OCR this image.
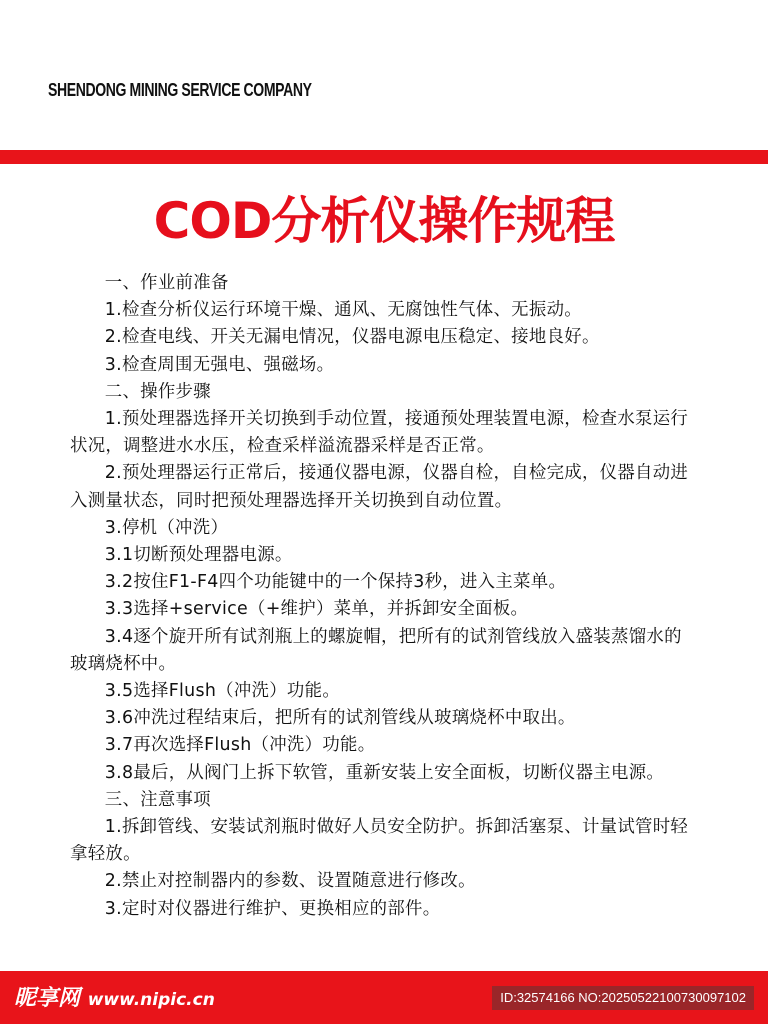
SHENDONG MINING SERVICE COMPANY
COD分析仪操作规程

一、作业前准备

1.检查分析仪运行环境干燥、通风、无腐蚀性气体、无振动。

2.检查电线、开关无漏电情况，仪器电源电压稳定、接地良好。

3.检查周围无强电、强磁场。

二、操作步骤

1.预处理器选择开关切换到手动位置，接通预处理装置电源，检查水泵运行状况，调整进水水压，检查采样溢流器采样是否正常。

2.预处理器运行正常后，接通仪器电源，仪器自检，自检完成，仪器自动进入测量状态，同时把预处理器选择开关切换到自动位置。

3.停机（冲洗）

3.1切断预处理器电源。

3.2按住F1-F4四个功能键中的一个保持3秒，进入主菜单。

3.3选择+service（+维护）菜单，并拆卸安全面板。

3.4逐个旋开所有试剂瓶上的螺旋帽，把所有的试剂管线放入盛装蒸馏水的玻璃烧杯中。

3.5选择Flush（冲洗）功能。

3.6冲洗过程结束后，把所有的试剂管线从玻璃烧杯中取出。

3.7再次选择Flush（冲洗）功能。

3.8最后，从阀门上拆下软管，重新安装上安全面板，切断仪器主电源。

三、注意事项

1.拆卸管线、安装试剂瓶时做好人员安全防护。拆卸活塞泵、计量试管时轻拿轻放。

2.禁止对控制器内的参数、设置随意进行修改。

3.定时对仪器进行维护、更换相应的部件。

昵享网 www.nipic.cn	ID:32574166 NO:20250522100730097102
